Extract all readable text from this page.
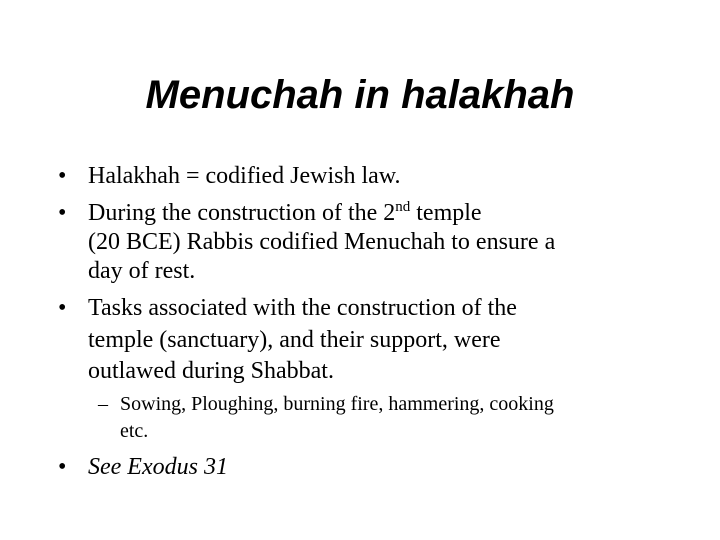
Menuchah in halakhah
• Halakhah = codified Jewish law.
• During the construction of the 2nd temple
(20 BCE) Rabbis codified Menuchah to ensure a
day of rest.
• Tasks associated with the construction of the
temple (sanctuary), and their support, were
outlawed during Shabbat.
– Sowing, Ploughing, burning fire, hammering, cooking
etc.
• See Exodus 31
